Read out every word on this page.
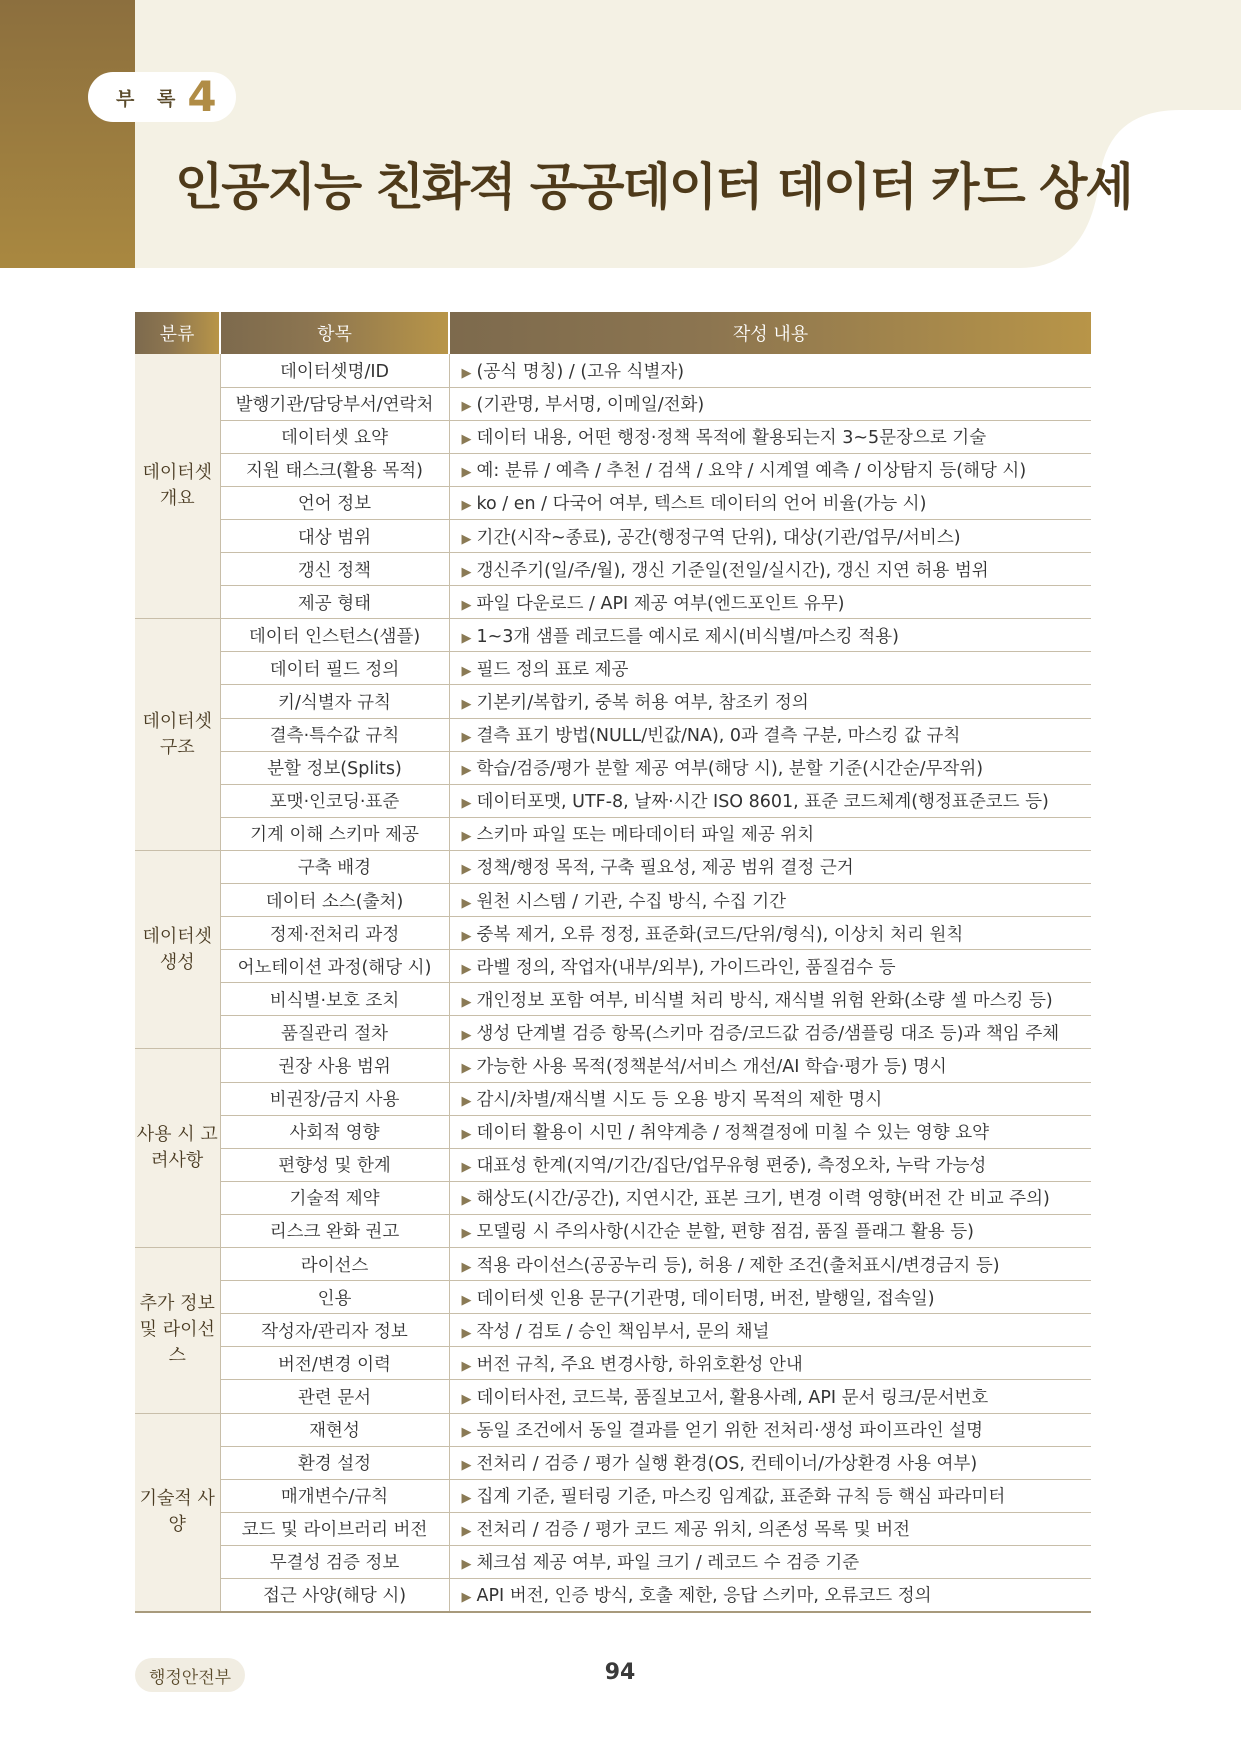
부 록 4
인공지능 친화적 공공데이터 데이터 카드 상세
분류	항목	작성 내용
데이터셋 개요	데이터셋명/ID	▶ (공식 명칭) / (고유 식별자)
	발행기관/담당부서/연락처	▶ (기관명, 부서명, 이메일/전화)
	데이터셋 요약	▶ 데이터 내용, 어떤 행정·정책 목적에 활용되는지 3~5문장으로 기술
	지원 태스크(활용 목적)	▶ 예: 분류 / 예측 / 추천 / 검색 / 요약 / 시계열 예측 / 이상탐지 등(해당 시)
	언어 정보	▶ ko / en / 다국어 여부, 텍스트 데이터의 언어 비율(가능 시)
	대상 범위	▶ 기간(시작~종료), 공간(행정구역 단위), 대상(기관/업무/서비스)
	갱신 정책	▶ 갱신주기(일/주/월), 갱신 기준일(전일/실시간), 갱신 지연 허용 범위
	제공 형태	▶ 파일 다운로드 / API 제공 여부(엔드포인트 유무)
데이터셋 구조	데이터 인스턴스(샘플)	▶ 1~3개 샘플 레코드를 예시로 제시(비식별/마스킹 적용)
	데이터 필드 정의	▶ 필드 정의 표로 제공
	키/식별자 규칙	▶ 기본키/복합키, 중복 허용 여부, 참조키 정의
	결측·특수값 규칙	▶ 결측 표기 방법(NULL/빈값/NA), 0과 결측 구분, 마스킹 값 규칙
	분할 정보(Splits)	▶ 학습/검증/평가 분할 제공 여부(해당 시), 분할 기준(시간순/무작위)
	포맷·인코딩·표준	▶ 데이터포맷, UTF-8, 날짜·시간 ISO 8601, 표준 코드체계(행정표준코드 등)
	기계 이해 스키마 제공	▶ 스키마 파일 또는 메타데이터 파일 제공 위치
데이터셋 생성	구축 배경	▶ 정책/행정 목적, 구축 필요성, 제공 범위 결정 근거
	데이터 소스(출처)	▶ 원천 시스템 / 기관, 수집 방식, 수집 기간
	정제·전처리 과정	▶ 중복 제거, 오류 정정, 표준화(코드/단위/형식), 이상치 처리 원칙
	어노테이션 과정(해당 시)	▶ 라벨 정의, 작업자(내부/외부), 가이드라인, 품질검수 등
	비식별·보호 조치	▶ 개인정보 포함 여부, 비식별 처리 방식, 재식별 위험 완화(소량 셀 마스킹 등)
	품질관리 절차	▶ 생성 단계별 검증 항목(스키마 검증/코드값 검증/샘플링 대조 등)과 책임 주체
사용 시 고려사항	권장 사용 범위	▶ 가능한 사용 목적(정책분석/서비스 개선/AI 학습·평가 등) 명시
	비권장/금지 사용	▶ 감시/차별/재식별 시도 등 오용 방지 목적의 제한 명시
	사회적 영향	▶ 데이터 활용이 시민 / 취약계층 / 정책결정에 미칠 수 있는 영향 요약
	편향성 및 한계	▶ 대표성 한계(지역/기간/집단/업무유형 편중), 측정오차, 누락 가능성
	기술적 제약	▶ 해상도(시간/공간), 지연시간, 표본 크기, 변경 이력 영향(버전 간 비교 주의)
	리스크 완화 권고	▶ 모델링 시 주의사항(시간순 분할, 편향 점검, 품질 플래그 활용 등)
추가 정보 및 라이선스	라이선스	▶ 적용 라이선스(공공누리 등), 허용 / 제한 조건(출처표시/변경금지 등)
	인용	▶ 데이터셋 인용 문구(기관명, 데이터명, 버전, 발행일, 접속일)
	작성자/관리자 정보	▶ 작성 / 검토 / 승인 책임부서, 문의 채널
	버전/변경 이력	▶ 버전 규칙, 주요 변경사항, 하위호환성 안내
	관련 문서	▶ 데이터사전, 코드북, 품질보고서, 활용사례, API 문서 링크/문서번호
기술적 사양	재현성	▶ 동일 조건에서 동일 결과를 얻기 위한 전처리·생성 파이프라인 설명
	환경 설정	▶ 전처리 / 검증 / 평가 실행 환경(OS, 컨테이너/가상환경 사용 여부)
	매개변수/규칙	▶ 집계 기준, 필터링 기준, 마스킹 임계값, 표준화 규칙 등 핵심 파라미터
	코드 및 라이브러리 버전	▶ 전처리 / 검증 / 평가 코드 제공 위치, 의존성 목록 및 버전
	무결성 검증 정보	▶ 체크섬 제공 여부, 파일 크기 / 레코드 수 검증 기준
	접근 사양(해당 시)	▶ API 버전, 인증 방식, 호출 제한, 응답 스키마, 오류코드 정의
행정안전부	94
